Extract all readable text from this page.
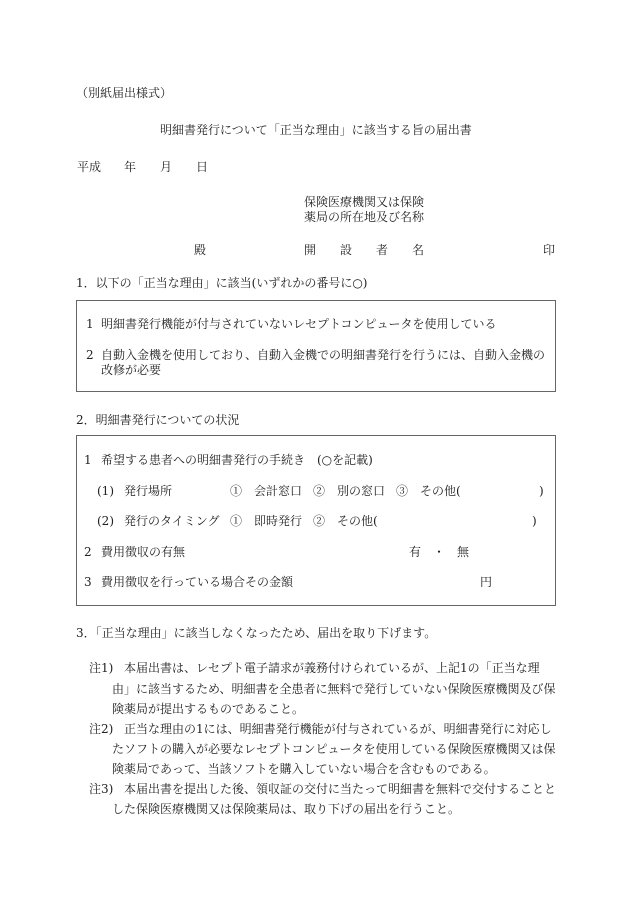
（別紙届出様式）
明細書発行について「正当な理由」に該当する旨の届出書
平成 年 月 日
保険医療機関又は保険
薬局の所在地及び名称
殿	開 設 者 名	印
1．以下の「正当な理由」に該当(いずれかの番号に○)
1 明細書発行機能が付与されていないレセプトコンピュータを使用している
2 自動入金機を使用しており、自動入金機での明細書発行を行うには、自動入金機の
改修が必要
2．明細書発行についての状況
1 希望する患者への明細書発行の手続き　(○を記載)
(1) 発行場所	①　会計窓口 ②　別の窓口 ③　その他(	)
(2) 発行のタイミング ①　即時発行 ②　その他(	)
2 費用徴収の有無	有　・　無
3 費用徴収を行っている場合その金額	円
3．「正当な理由」に該当しなくなったため、届出を取り下げます。
注1) 本届出書は、レセプト電子請求が義務付けられているが、上記1の「正当な理
由」に該当するため、明細書を全患者に無料で発行していない保険医療機関及び保
険薬局が提出するものであること。
注2) 正当な理由の1には、明細書発行機能が付与されているが、明細書発行に対応し
たソフトの購入が必要なレセプトコンピュータを使用している保険医療機関又は保
険薬局であって、当該ソフトを購入していない場合を含むものである。
注3) 本届出書を提出した後、領収証の交付に当たって明細書を無料で交付することと
した保険医療機関又は保険薬局は、取り下げの届出を行うこと。
